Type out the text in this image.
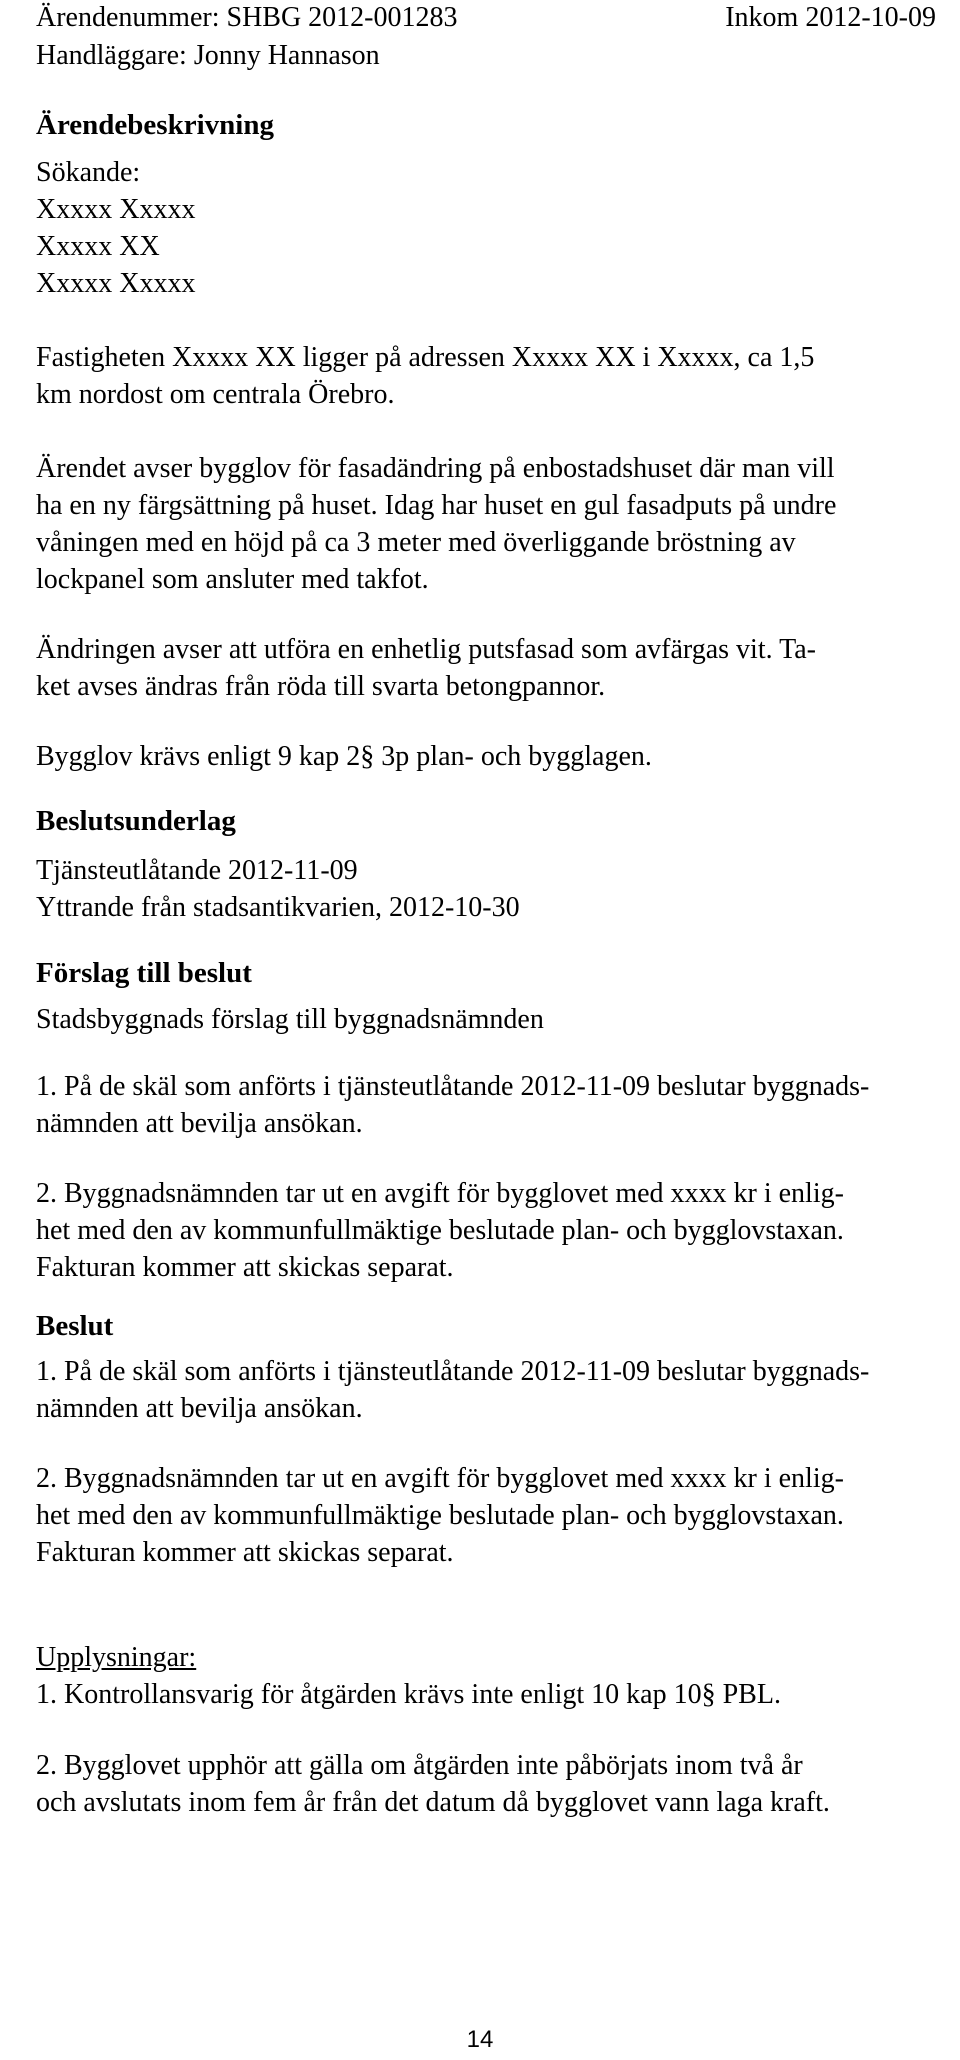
Ärendenummer: SHBG 2012-001283	Inkom 2012-10-09
Handläggare: Jonny Hannason
Ärendebeskrivning
Sökande:
Xxxxx Xxxxx
Xxxxx XX
Xxxxx Xxxxx
Fastigheten Xxxxx XX ligger på adressen Xxxxx XX i Xxxxx, ca 1,5
km nordost om centrala Örebro.
Ärendet avser bygglov för fasadändring på enbostadshuset där man vill
ha en ny färgsättning på huset. Idag har huset en gul fasadputs på undre
våningen med en höjd på ca 3 meter med överliggande bröstning av
lockpanel som ansluter med takfot.
Ändringen avser att utföra en enhetlig putsfasad som avfärgas vit. Ta-
ket avses ändras från röda till svarta betongpannor.
Bygglov krävs enligt 9 kap 2§ 3p plan- och bygglagen.
Beslutsunderlag
Tjänsteutlåtande 2012-11-09
Yttrande från stadsantikvarien, 2012-10-30
Förslag till beslut
Stadsbyggnads förslag till byggnadsnämnden
1. På de skäl som anförts i tjänsteutlåtande 2012-11-09 beslutar byggnads-
nämnden att bevilja ansökan.
2. Byggnadsnämnden tar ut en avgift för bygglovet med xxxx kr i enlig-
het med den av kommunfullmäktige beslutade plan- och bygglovstaxan.
Fakturan kommer att skickas separat.
Beslut
1. På de skäl som anförts i tjänsteutlåtande 2012-11-09 beslutar byggnads-
nämnden att bevilja ansökan.
2. Byggnadsnämnden tar ut en avgift för bygglovet med xxxx kr i enlig-
het med den av kommunfullmäktige beslutade plan- och bygglovstaxan.
Fakturan kommer att skickas separat.
Upplysningar:
1. Kontrollansvarig för åtgärden krävs inte enligt 10 kap 10§ PBL.
2. Bygglovet upphör att gälla om åtgärden inte påbörjats inom två år
och avslutats inom fem år från det datum då bygglovet vann laga kraft.
14
